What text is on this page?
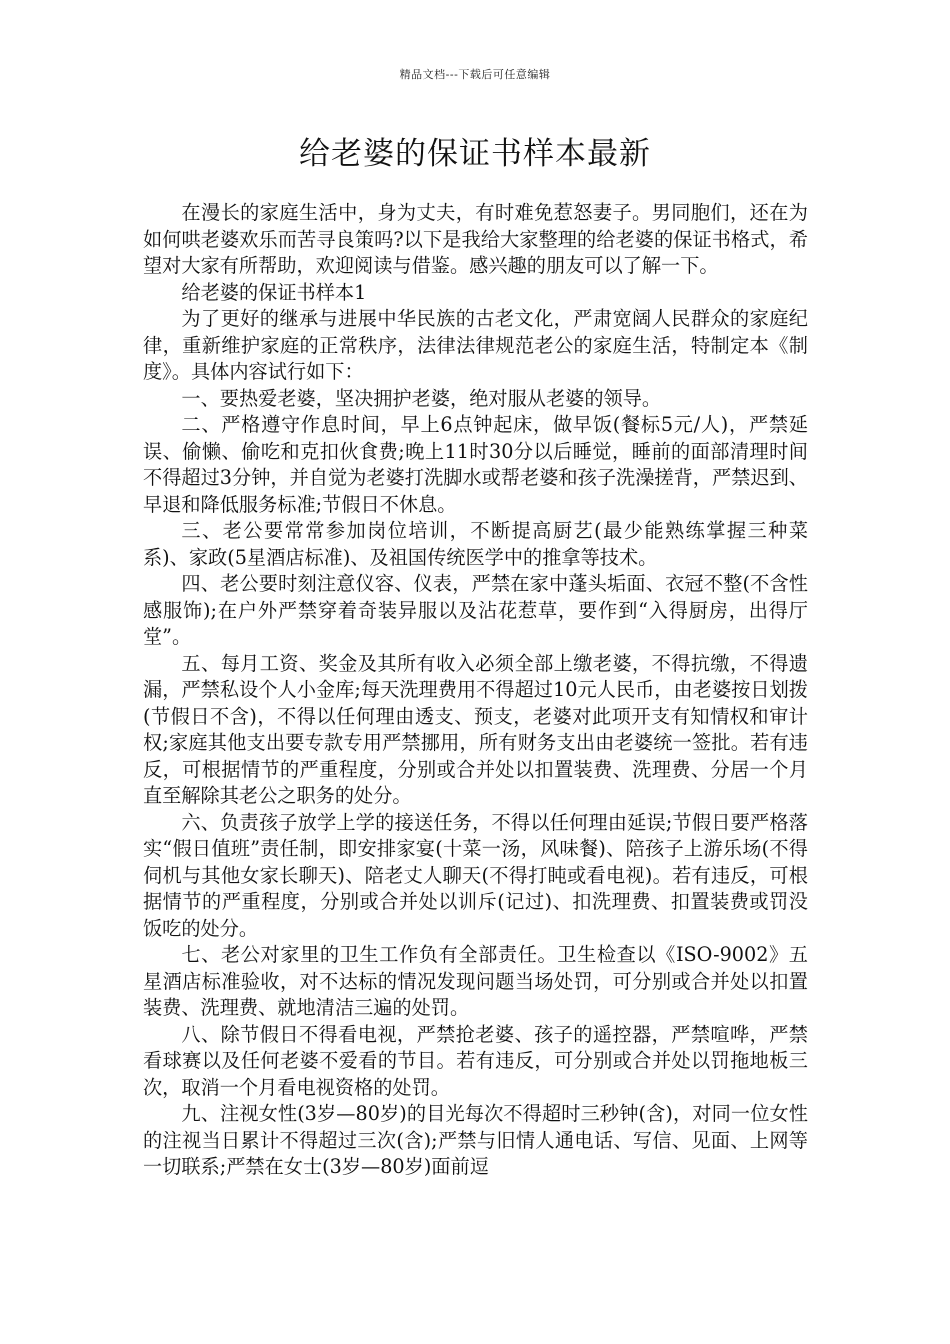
精品文档---下载后可任意编辑
给老婆的保证书样本最新

在漫长的家庭生活中，身为丈夫，有时难免惹怒妻子。男同胞们，还在为如何哄老婆欢乐而苦寻良策吗?以下是我给大家整理的给老婆的保证书格式，希望对大家有所帮助，欢迎阅读与借鉴。感兴趣的朋友可以了解一下。

给老婆的保证书样本1

为了更好的继承与进展中华民族的古老文化，严肃宽阔人民群众的家庭纪律，重新维护家庭的正常秩序，法律法律规范老公的家庭生活，特制定本《制度》。具体内容试行如下：

一、要热爱老婆，坚决拥护老婆，绝对服从老婆的领导。

二、严格遵守作息时间，早上6点钟起床，做早饭(餐标5元/人)，严禁延误、偷懒、偷吃和克扣伙食费;晚上11时30分以后睡觉，睡前的面部清理时间不得超过3分钟，并自觉为老婆打洗脚水或帮老婆和孩子洗澡搓背，严禁迟到、早退和降低服务标准;节假日不休息。

三、老公要常常参加岗位培训，不断提高厨艺(最少能熟练掌握三种菜系)、家政(5星酒店标准)、及祖国传统医学中的推拿等技术。

四、老公要时刻注意仪容、仪表，严禁在家中蓬头垢面、衣冠不整(不含性感服饰);在户外严禁穿着奇装异服以及沾花惹草，要作到“入得厨房，出得厅堂”。

五、每月工资、奖金及其所有收入必须全部上缴老婆，不得抗缴，不得遗漏，严禁私设个人小金库;每天洗理费用不得超过10元人民币，由老婆按日划拨(节假日不含)，不得以任何理由透支、预支，老婆对此项开支有知情权和审计权;家庭其他支出要专款专用严禁挪用，所有财务支出由老婆统一签批。若有违反，可根据情节的严重程度，分别或合并处以扣置装费、洗理费、分居一个月直至解除其老公之职务的处分。

六、负责孩子放学上学的接送任务，不得以任何理由延误;节假日要严格落实“假日值班”责任制，即安排家宴(十菜一汤，风味餐)、陪孩子上游乐场(不得伺机与其他女家长聊天)、陪老丈人聊天(不得打盹或看电视)。若有违反，可根据情节的严重程度，分别或合并处以训斥(记过)、扣洗理费、扣置装费或罚没饭吃的处分。

七、老公对家里的卫生工作负有全部责任。卫生检查以《ISO-9002》五星酒店标准验收，对不达标的情况发现问题当场处罚，可分别或合并处以扣置装费、洗理费、就地清洁三遍的处罚。

八、除节假日不得看电视，严禁抢老婆、孩子的遥控器，严禁喧哗，严禁看球赛以及任何老婆不爱看的节目。若有违反，可分别或合并处以罚拖地板三次，取消一个月看电视资格的处罚。

九、注视女性(3岁—80岁)的目光每次不得超时三秒钟(含)，对同一位女性的注视当日累计不得超过三次(含);严禁与旧情人通电话、写信、见面、上网等一切联系;严禁在女士(3岁—80岁)面前逗
